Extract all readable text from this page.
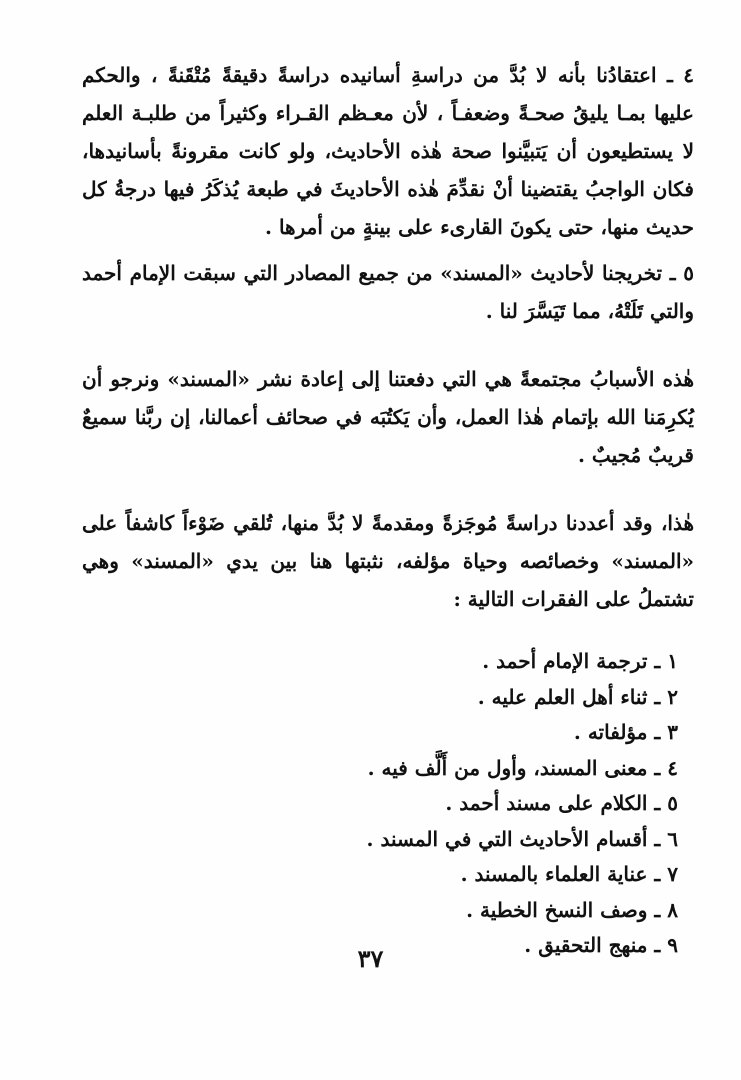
٤ ـ اعتقادُنا بأنه لا بُدَّ من دراسةِ أسانيده دراسةً دقيقةً مُتْقَنةً ، والحكم عليها بمـا يليقُ صحـةً وضعفـاً ، لأن معـظم القـراء وكثيراً من طلبـة العلم لا يستطيعون أن يَتبيَّنوا صحة هٰذه الأحاديث، ولو كانت مقرونةً بأسانيدها، فكان الواجبُ يقتضينا أنْ نقدِّمَ هٰذه الأحاديثَ في طبعة يُذكَرُ فيها درجةُ كل حديث منها، حتى يكونَ القارىء على بينةٍ من أمرها .

٥ ـ تخريجنا لأحاديث «المسند» من جميع المصادر التي سبقت الإمام أحمد والتي تَلَتْهُ، مما تَيَسَّرَ لنا .

هٰذه الأسبابُ مجتمعةً هي التي دفعتنا إلى إعادة نشر «المسند» ونرجو أن يُكرِمَنا الله بإتمام هٰذا العمل، وأن يَكتُبَه في صحائف أعمالنا، إن ربَّنا سميعٌ قريبٌ مُجيبٌ .

هٰذا، وقد أعددنا دراسةً مُوجَزةً ومقدمةً لا بُدَّ منها، تُلقي ضَوْءاً كاشفاً على «المسند» وخصائصه وحياة مؤلفه، نثبتها هنا بين يدي «المسند» وهي تشتملُ على الفقرات التالية :

١ ـ ترجمة الإمام أحمد .
٢ ـ ثناء أهل العلم عليه .
٣ ـ مؤلفاته .
٤ ـ معنى المسند، وأول من أَلَّف فيه .
٥ ـ الكلام على مسند أحمد .
٦ ـ أقسام الأحاديث التي في المسند .
٧ ـ عناية العلماء بالمسند .
٨ ـ وصف النسخ الخطية .
٩ ـ منهج التحقيق .
٣٧
